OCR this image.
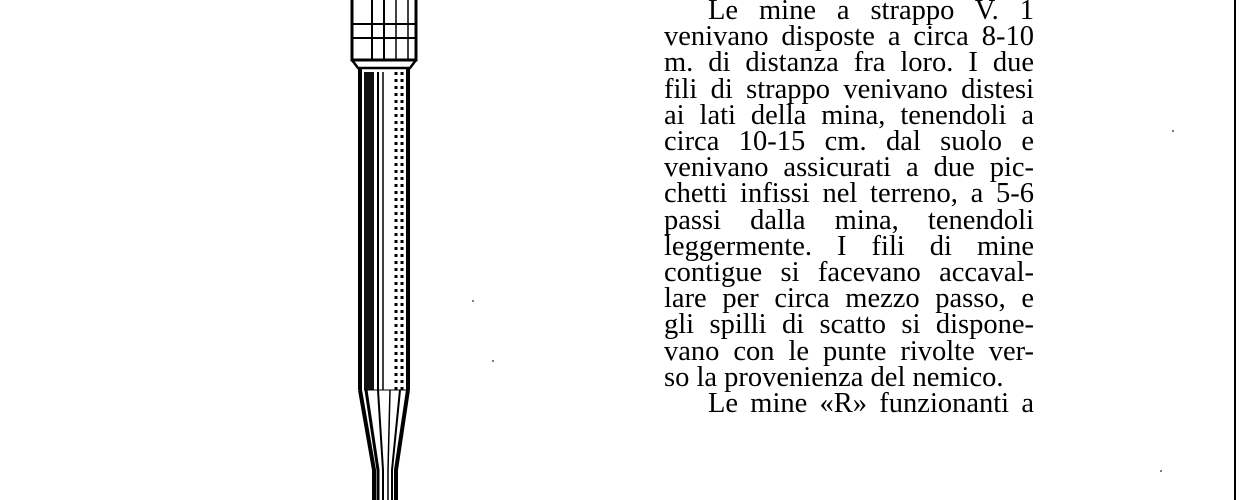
Le mine a strappo V. 1
venivano disposte a circa 8-10
m. di distanza fra loro. I due
fili di strappo venivano distesi
ai lati della mina, tenendoli a
circa 10-15 cm. dal suolo e
venivano assicurati a due pic-
chetti infissi nel terreno, a 5-6
passi dalla mina, tenendoli
leggermente. I fili di mine
contigue si facevano accaval-
lare per circa mezzo passo, e
gli spilli di scatto si dispone-
vano con le punte rivolte ver-
so la provenienza del nemico.
Le mine «R» funzionanti a
